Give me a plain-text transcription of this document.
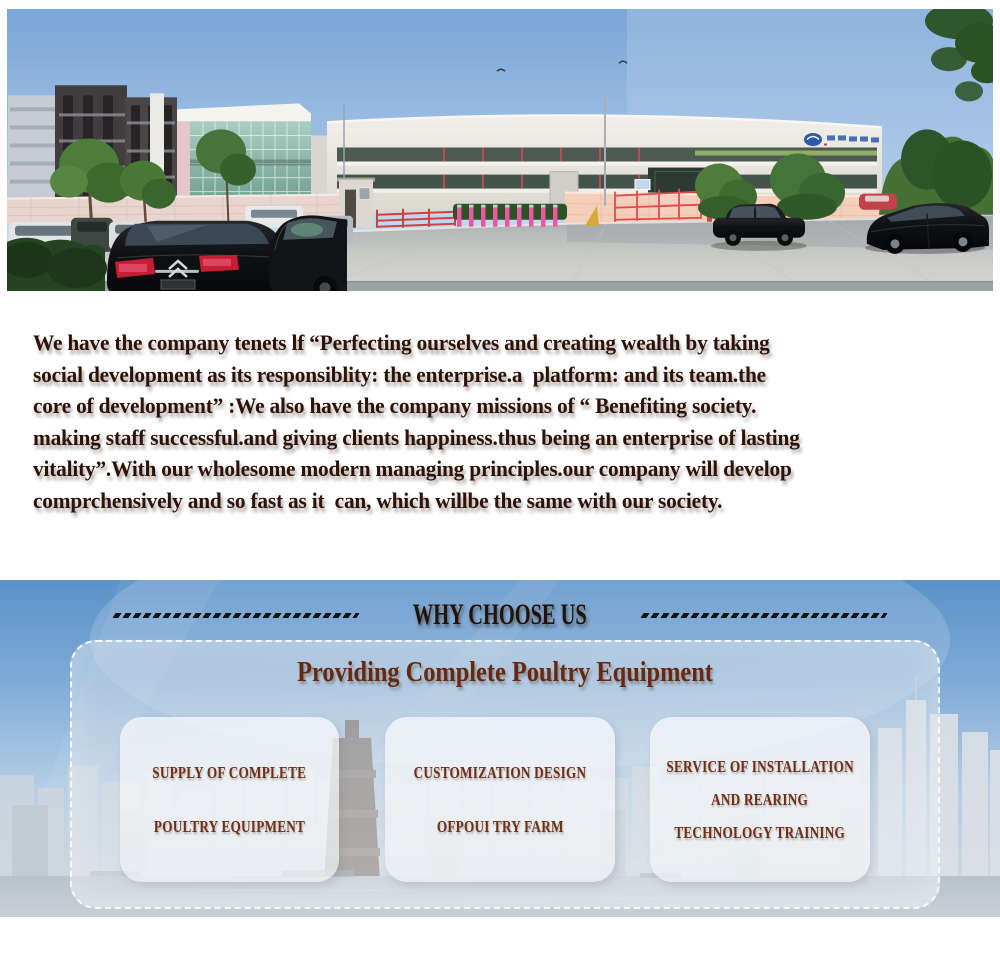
We have the company tenets lf “Perfecting ourselves and creating wealth by taking

social development as its responsiblity: the enterprise.a  platform: and its team.the

core of development” :We also have the company missions of “ Benefiting society.

making staff successful.and giving clients happiness.thus being an enterprise of lasting

vitality”.With our wholesome modern managing principles.our company will develop

comprchensively and so fast as it  can, which willbe the same with our society.

WHY CHOOSE US
Providing Complete Poultry Equipment
SUPPLY OF COMPLETE
POULTRY EQUIPMENT
CUSTOMIZATION DESIGN
OFPOUI TRY FARM
SERVICE OF INSTALLATION
AND REARING
TECHNOLOGY TRAINING
